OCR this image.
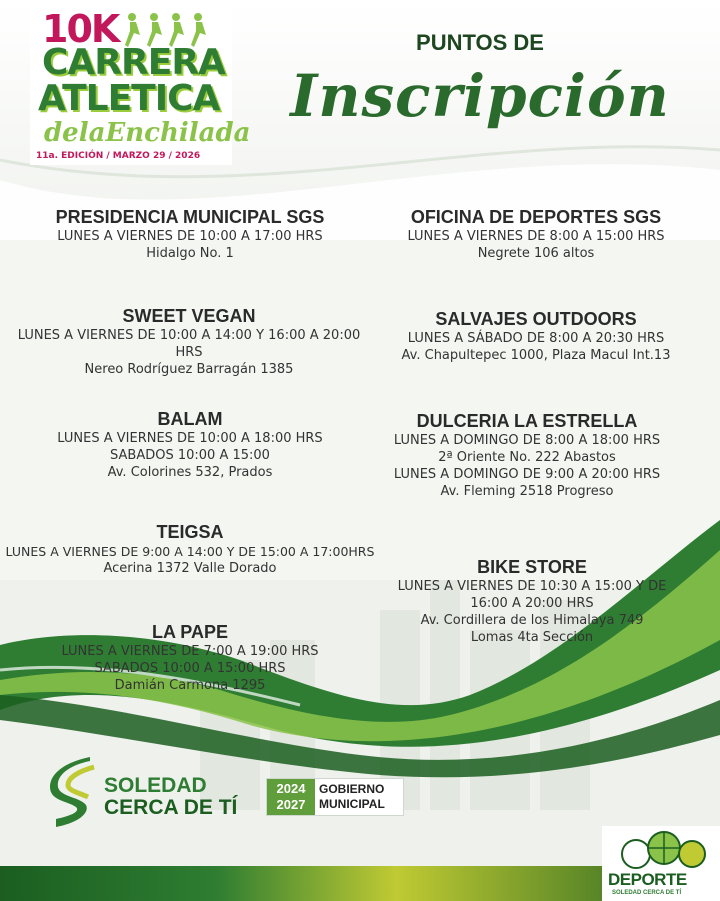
10K
CARRERA
ATLETICA
delaEnchilada
11a. EDICIÓN / MARZO 29 / 2026
PUNTOS DE
Inscripción
PRESIDENCIA MUNICIPAL SGS
LUNES A VIERNES DE 10:00 A 17:00 HRS
Hidalgo No. 1
SWEET VEGAN
LUNES A VIERNES DE 10:00 A 14:00 Y 16:00 A 20:00 HRS
Nereo Rodríguez Barragán 1385
BALAM
LUNES A VIERNES DE 10:00 A 18:00 HRS
SABADOS 10:00 A 15:00
Av. Colorines 532, Prados
TEIGSA
LUNES A VIERNES DE 9:00 A 14:00 Y DE 15:00 A 17:00HRS
Acerina 1372 Valle Dorado
LA PAPE
LUNES A VIERNES DE 7:00 A 19:00 HRS
SABADOS 10:00 A 15:00 HRS
Damián Carmona 1295
OFICINA DE DEPORTES SGS
LUNES A VIERNES DE 8:00 A 15:00 HRS
Negrete 106 altos
SALVAJES OUTDOORS
LUNES A SÁBADO DE 8:00 A 20:30 HRS
Av. Chapultepec 1000, Plaza Macul Int.13
DULCERIA LA ESTRELLA
LUNES A DOMINGO DE 8:00 A 18:00 HRS
2ª Oriente No. 222 Abastos
LUNES A DOMINGO DE 9:00 A 20:00 HRS
Av. Fleming 2518 Progreso
BIKE STORE
LUNES A VIERNES DE 10:30 A 15:00 Y DE
16:00 A 20:00 HRS
Av. Cordillera de los Himalaya 749
Lomas 4ta Sección
SOLEDAD
CERCA DE TÍ
2024
2027
GOBIERNO
MUNICIPAL
DEPORTE
SOLEDAD CERCA DE TÍ
